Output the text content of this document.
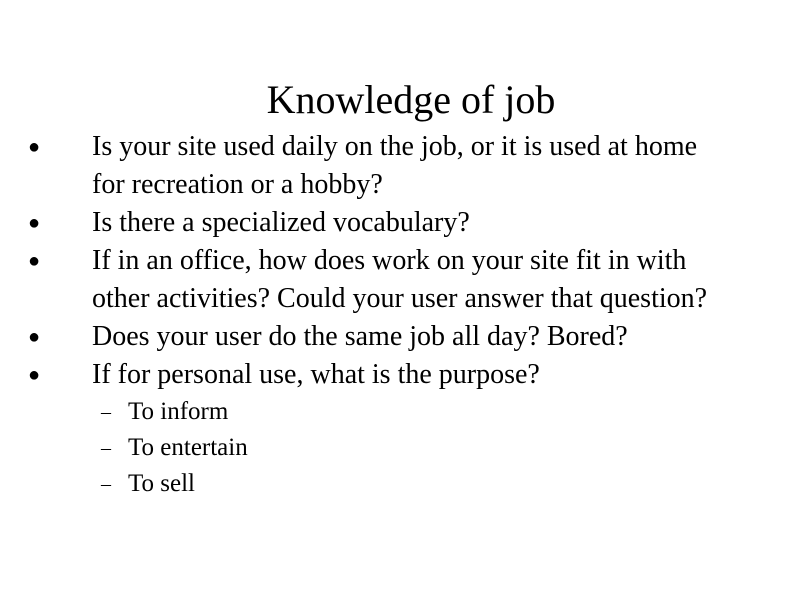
Knowledge of job
● Is your site used daily on the job, or it is used at home for recreation or a hobby?
● Is there a specialized vocabulary?
● If in an office, how does work on your site fit in with other activities? Could your user answer that question?
● Does your user do the same job all day? Bored?
● If for personal use, what is the purpose?
– To inform
– To entertain
– To sell
